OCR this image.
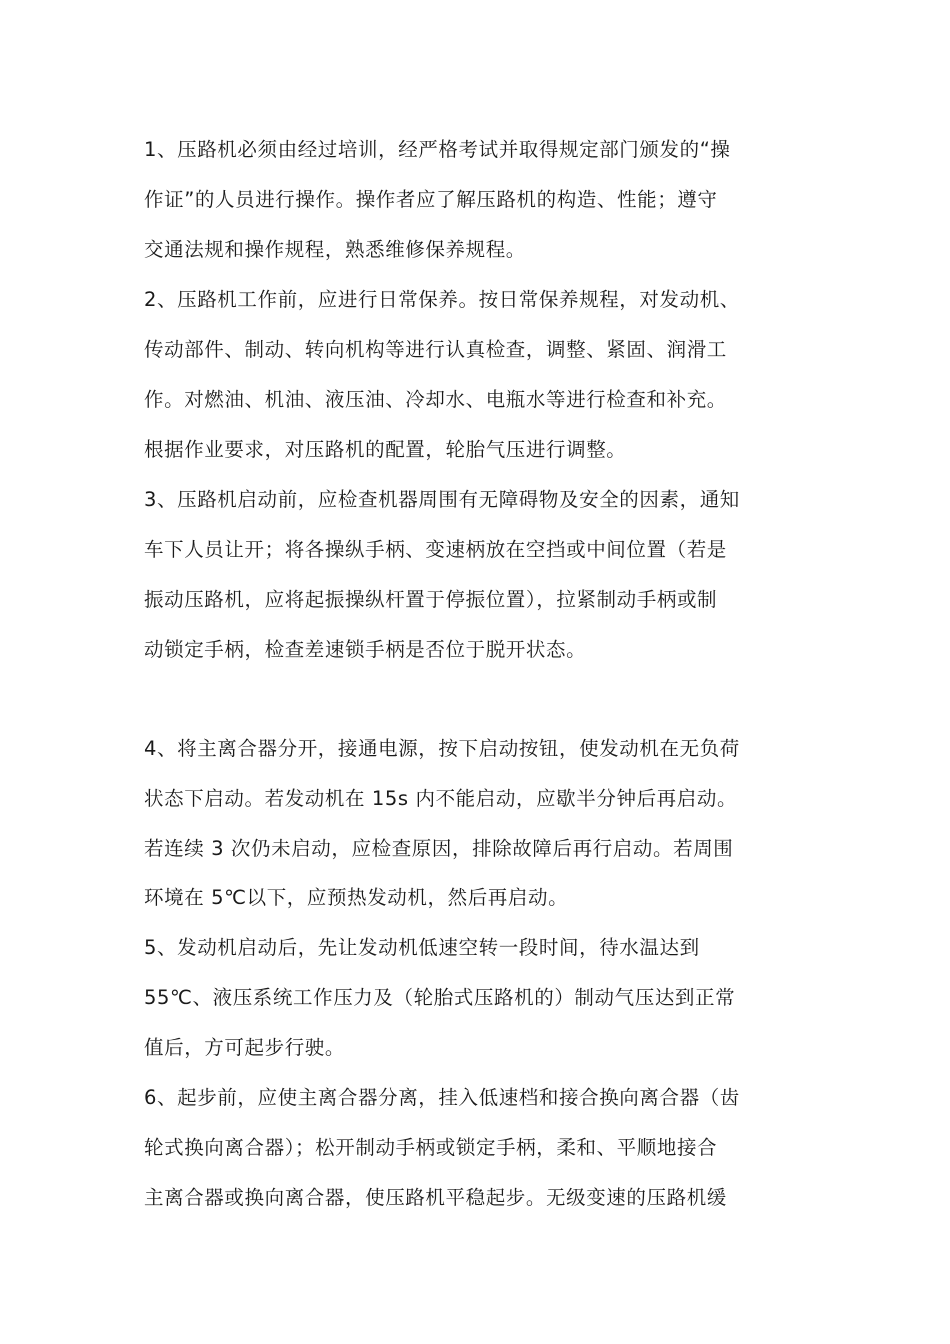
1、压路机必须由经过培训，经严格考试并取得规定部门颁发的“操
作证”的人员进行操作。操作者应了解压路机的构造、性能；遵守
交通法规和操作规程，熟悉维修保养规程。
2、压路机工作前，应进行日常保养。按日常保养规程，对发动机、
传动部件、制动、转向机构等进行认真检查，调整、紧固、润滑工
作。对燃油、机油、液压油、冷却水、电瓶水等进行检查和补充。
根据作业要求，对压路机的配置，轮胎气压进行调整。
3、压路机启动前，应检查机器周围有无障碍物及安全的因素，通知
车下人员让开；将各操纵手柄、变速柄放在空挡或中间位置（若是
振动压路机，应将起振操纵杆置于停振位置），拉紧制动手柄或制
动锁定手柄，检查差速锁手柄是否位于脱开状态。
4、将主离合器分开，接通电源，按下启动按钮，使发动机在无负荷
状态下启动。若发动机在 15s 内不能启动，应歇半分钟后再启动。
若连续 3 次仍未启动，应检查原因，排除故障后再行启动。若周围
环境在 5℃以下，应预热发动机，然后再启动。
5、发动机启动后，先让发动机低速空转一段时间，待水温达到
55℃、液压系统工作压力及（轮胎式压路机的）制动气压达到正常
值后，方可起步行驶。
6、起步前，应使主离合器分离，挂入低速档和接合换向离合器（齿
轮式换向离合器）；松开制动手柄或锁定手柄，柔和、平顺地接合
主离合器或换向离合器，使压路机平稳起步。无级变速的压路机缓
